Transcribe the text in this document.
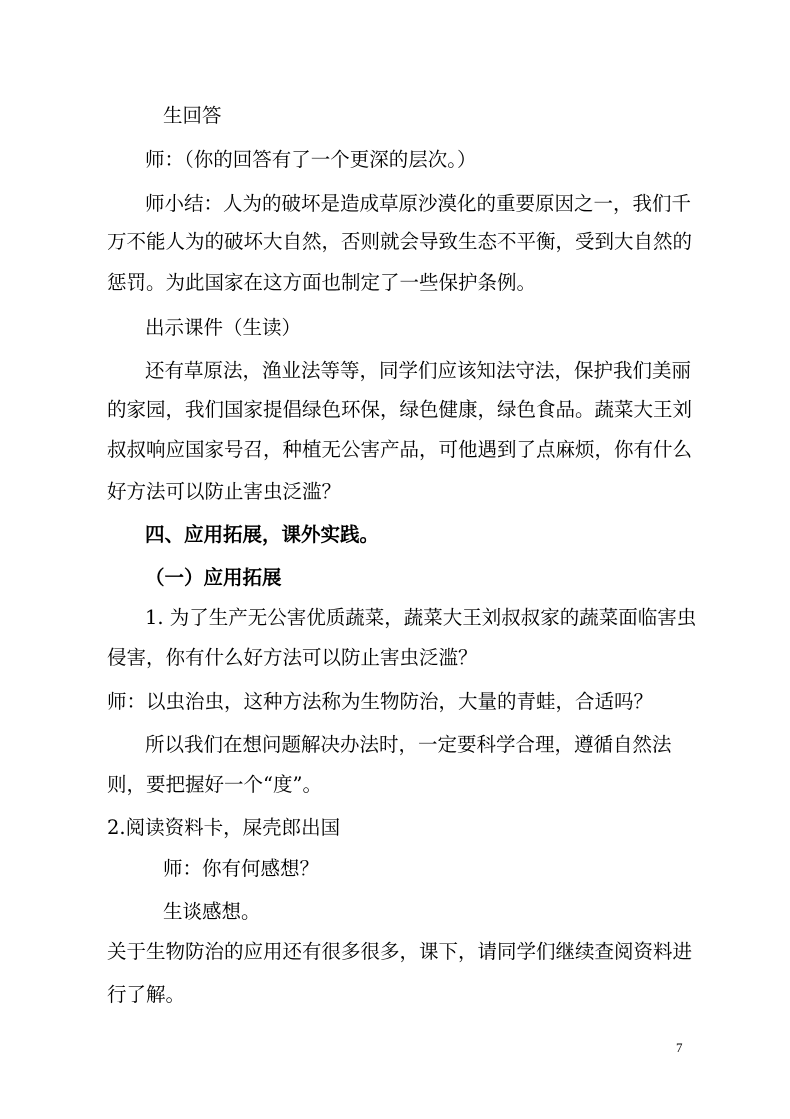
生回答

师：（你的回答有了一个更深的层次。）

师小结：人为的破坏是造成草原沙漠化的重要原因之一，我们千

万不能人为的破坏大自然，否则就会导致生态不平衡，受到大自然的

惩罚。为此国家在这方面也制定了一些保护条例。

出示课件（生读）

还有草原法，渔业法等等，同学们应该知法守法，保护我们美丽

的家园，我们国家提倡绿色环保，绿色健康，绿色食品。蔬菜大王刘

叔叔响应国家号召，种植无公害产品，可他遇到了点麻烦，你有什么

好方法可以防止害虫泛滥？

四、应用拓展，课外实践。

（一）应用拓展

1. 为了生产无公害优质蔬菜，蔬菜大王刘叔叔家的蔬菜面临害虫

侵害，你有什么好方法可以防止害虫泛滥？

师：以虫治虫，这种方法称为生物防治，大量的青蛙，合适吗？

所以我们在想问题解决办法时，一定要科学合理，遵循自然法

则，要把握好一个“度”。

2.阅读资料卡，屎壳郎出国

师：你有何感想？

生谈感想。

关于生物防治的应用还有很多很多，课下，请同学们继续查阅资料进

行了解。

7
